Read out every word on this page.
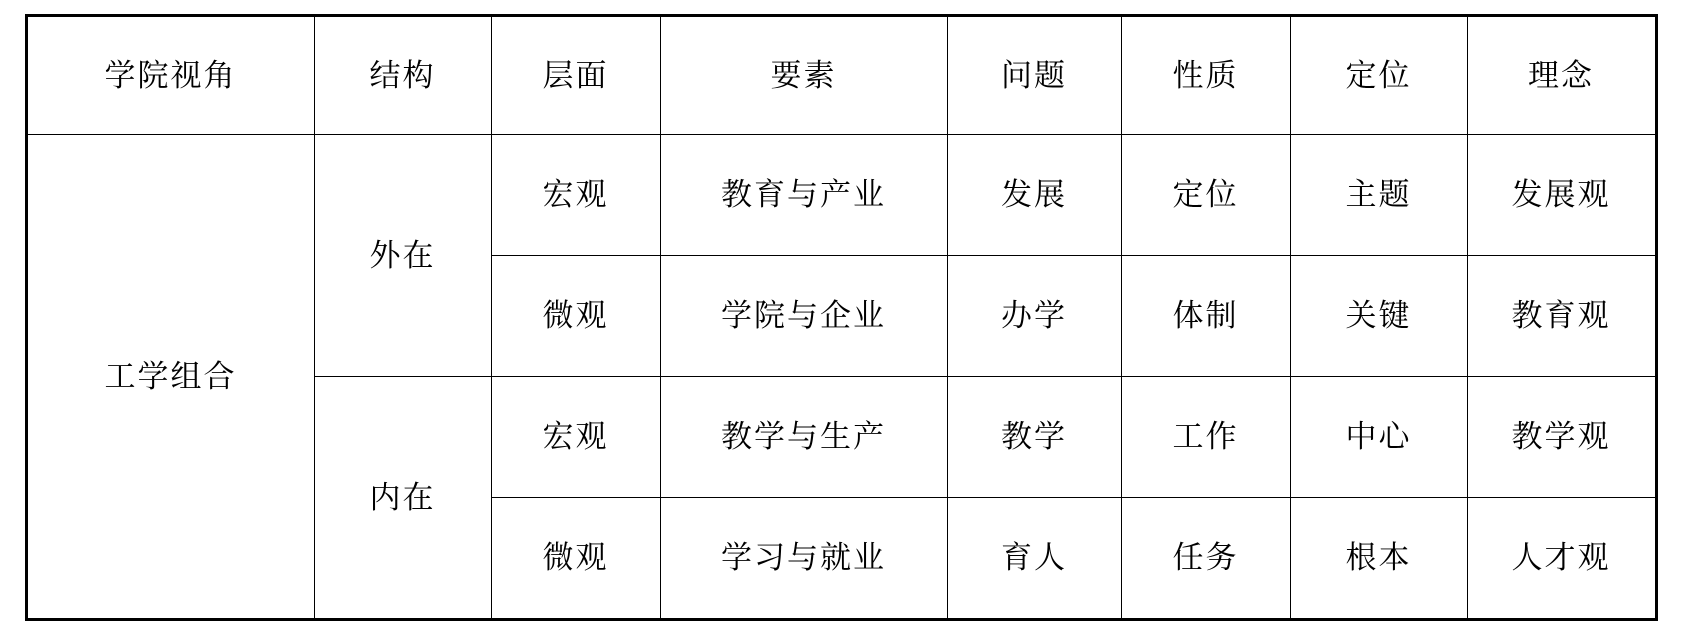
学院视角	结构	层面	要素	问题	性质	定位	理念
工学组合	外在	宏观	教育与产业	发展	定位	主题	发展观
		微观	学院与企业	办学	体制	关键	教育观
	内在	宏观	教学与生产	教学	工作	中心	教学观
		微观	学习与就业	育人	任务	根本	人才观
